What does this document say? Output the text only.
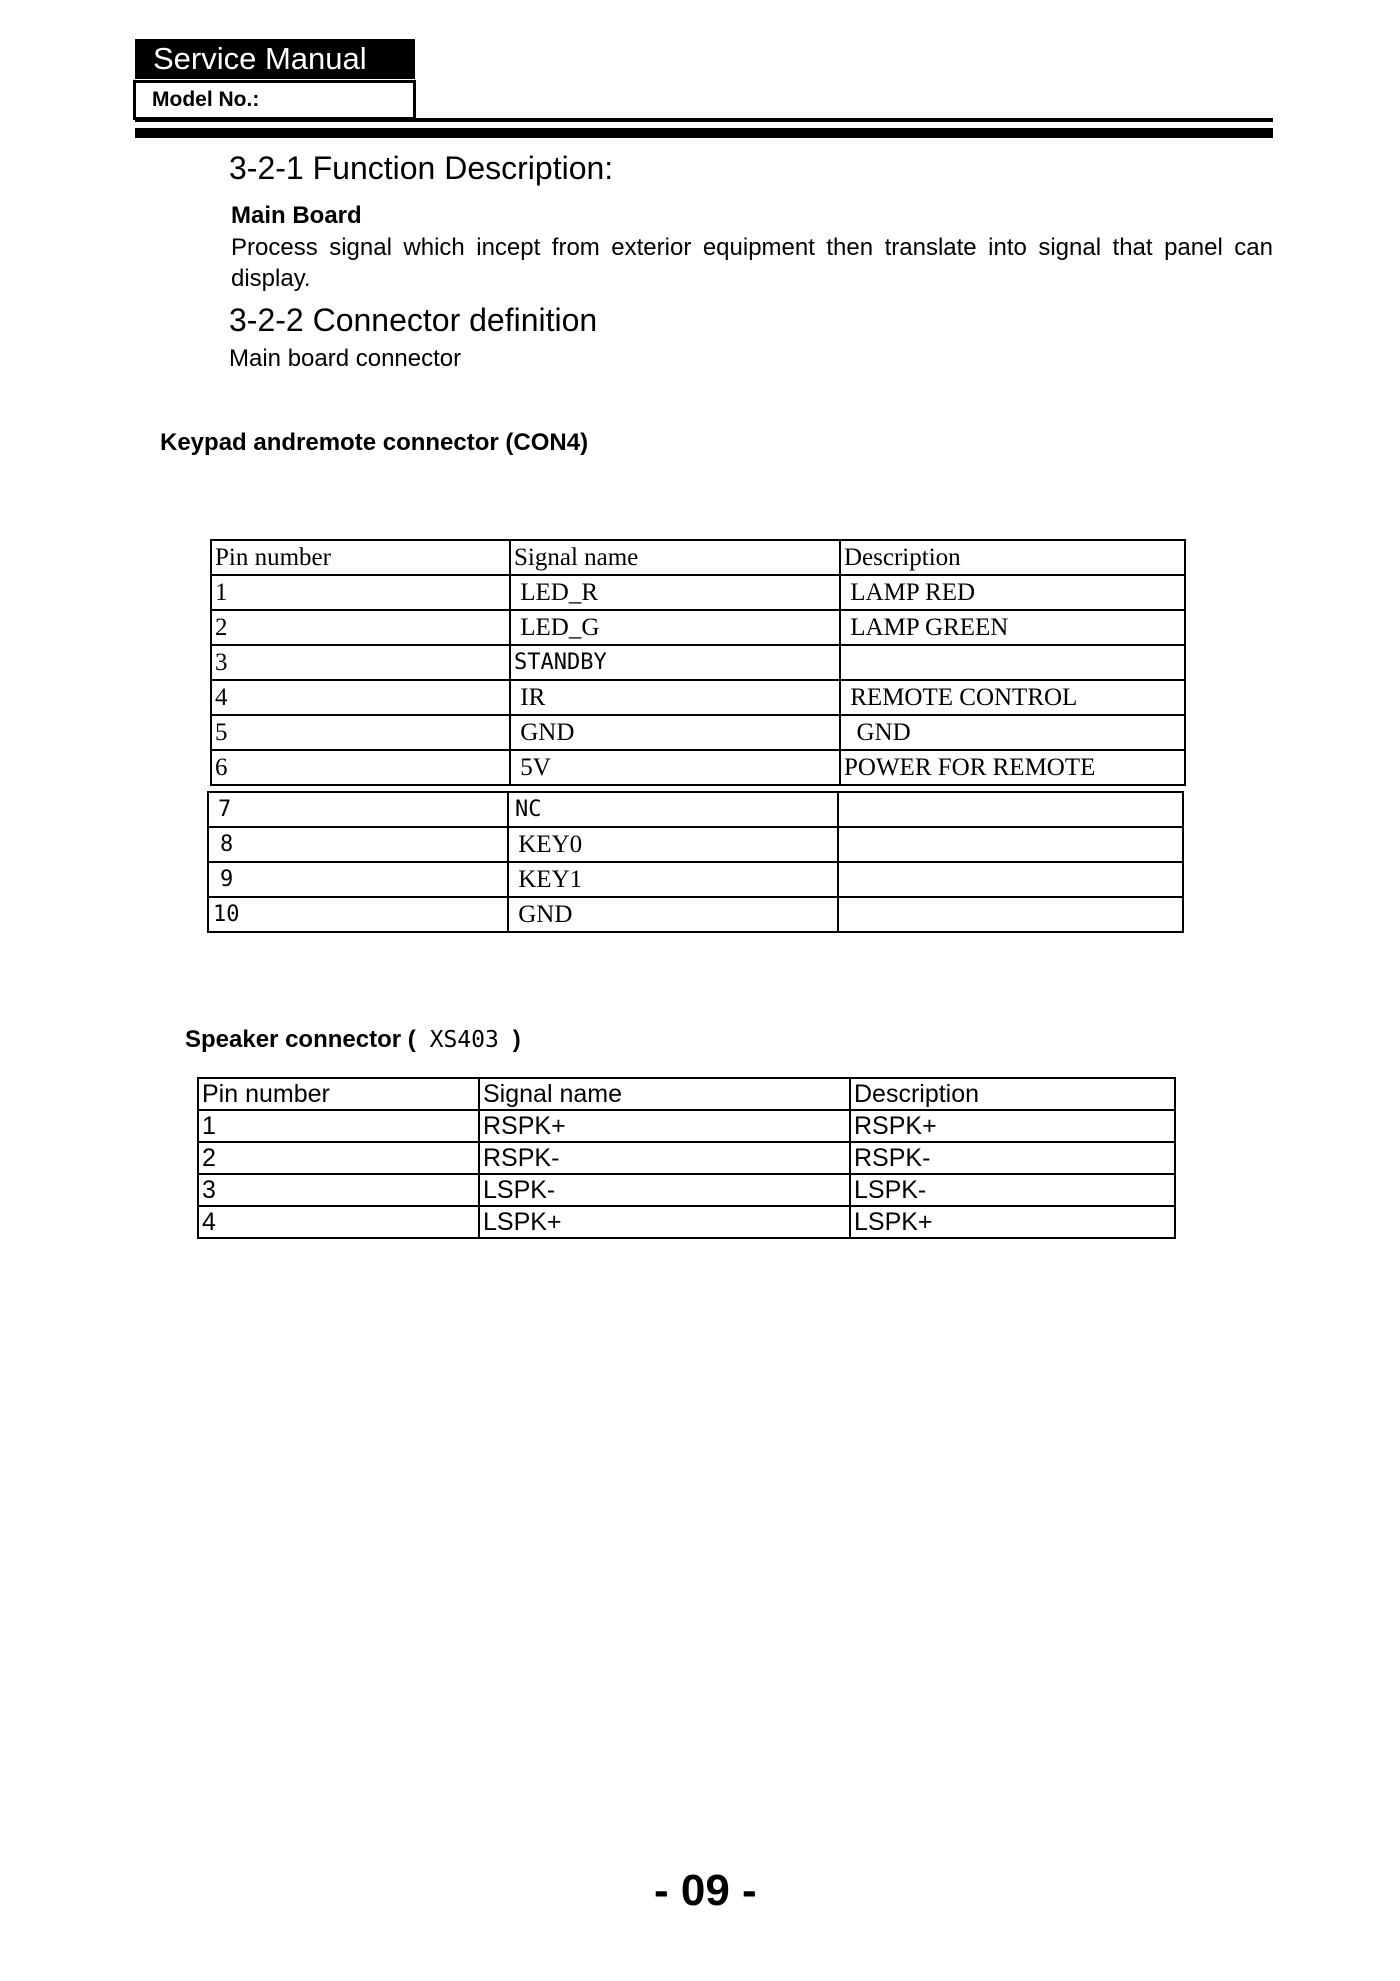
Service Manual
Model No.:
3-2-1 Function Description:
Main Board
Process signal which incept from exterior equipment then translate into signal that panel can display.
3-2-2 Connector definition
Main board connector
Keypad andremote connector (CON4)
Pin number	Signal name	Description
1	LED_R	LAMP RED
2	LED_G	LAMP GREEN
3	STANDBY	
4	IR	REMOTE CONTROL
5	GND	GND
6	5V	POWER FOR REMOTE
7	NC	
8	KEY0	
9	KEY1	
10	GND	
Speaker connector ( XS403 )
Pin number	Signal name	Description
1	RSPK+	RSPK+
2	RSPK-	RSPK-
3	LSPK-	LSPK-
4	LSPK+	LSPK+
- 09 -
